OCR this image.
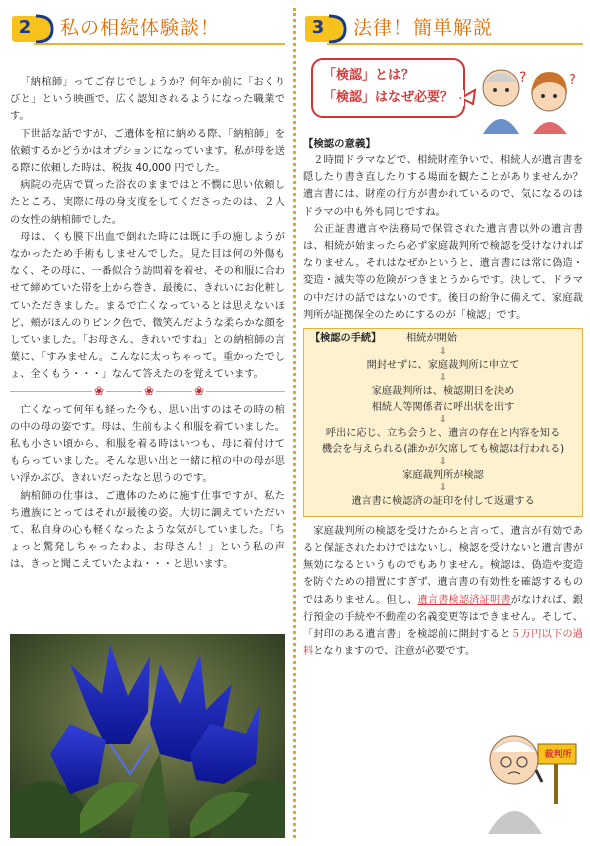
2 私の相続体験談！

「納棺師」ってご存じでしょうか？何年か前に「おくりびと」という映画で、広く認知されるようになった職業です。

下世話な話ですが、ご遺体を棺に納める際、「納棺師」を依頼するかどうかはオプションになっています。私が母を送る際に依頼した時は、税抜 40,000 円でした。

病院の売店で買った浴衣のままではと不憫に思い依頼したところ、実際に母の身支度をしてくださったのは、２人の女性の納棺師でした。

母は、くも膜下出血で倒れた時には既に手の施しようがなかったため手術もしませんでした。見た目は何の外傷もなく、その母に、一番似合う訪問着を着せ、その和服に合わせて締めていた帯を上から巻き、最後に、きれいにお化粧していただきました。まるで亡くなっているとは思えないほど、頬がほんのりピンク色で、微笑んだような柔らかな顔をしていました。「お母さん、きれいですね」との納棺師の言葉に、「すみません。こんなに太っちゃって。重かったでしょ、全くもう・・・」なんて答えたのを覚えています。

❀	❀	❀

亡くなって何年も経った今も、思い出すのはその時の棺の中の母の姿です。母は、生前もよく和服を着ていました。私も小さい頃から、和服を着る時はいつも、母に着付けてもらっていました。そんな思い出と一緒に棺の中の母が思い浮かぶび、きれいだったなと思うのです。

納棺師の仕事は、ご遺体のために施す仕事ですが、私たち遺族にとってはそれが最後の姿。大切に調えていただいて、私自身の心も軽くなったような気がしていました。「ちょっと驚発しちゃったわよ、お母さん！」という私の声は、きっと聞こえていたよね・・・と思います。

3 法律！簡単解説
「検認」とは？
「検認」はなぜ必要？
?	?
【検認の意義】

２時間ドラマなどで、相続財産争いで、相続人が遺言書を隠したり書き直したりする場面を観たことがありませんか？遺言書には、財産の行方が書かれているので、気になるのはドラマの中も外も同じですね。

公正証書遺言や法務局で保管された遺言書以外の遺言書は、相続が始まったら必ず家庭裁判所で検認を受けなければなりません。それはなぜかというと、遺言書には常に偽造・変造・滅失等の危険がつきまとうからです。決して、ドラマの中だけの話ではないのです。後日の紛争に備えて、家庭裁判所が証拠保全のためにするのが「検認」です。

【検認の手続】	相続が開始
⇩
開封せずに、家庭裁判所に申立て
⇩
家庭裁判所は、検認期日を決め
相続人等関係者に呼出状を出す
⇩
呼出に応じ、立ち会うと、遺言の存在と内容を知る
機会を与えられる(誰かが欠席しても検認は行われる)
⇩
家庭裁判所が検認
⇩
遺言書に検認済の証印を付して返還する

家庭裁判所の検認を受けたからと言って、遺言が有効であると保証されたわけではないし、検認を受けないと遺言書が無効になるというものでもありません。検認は、偽造や変造を防ぐための措置にすぎず、遺言書の有効性を確認するものではありません。但し、遺言書検認済証明書がなければ、銀行預金の手続や不動産の名義変更等はできません。そして、「封印のある遺言書」を検認前に開封すると５万円以下の過料となりますので、注意が必要です。

裁判所
